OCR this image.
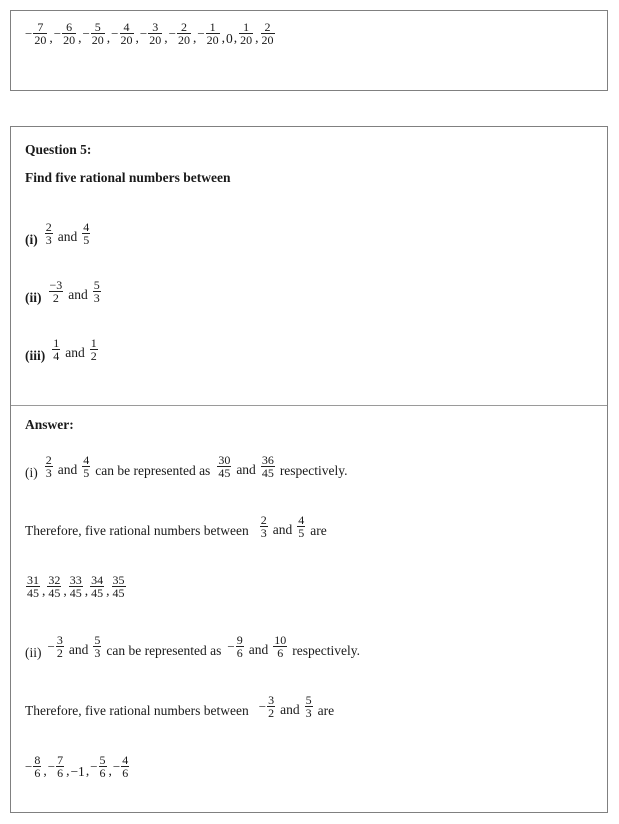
− $\frac{7}{20}$ ,− $\frac{6}{20}$ ,− $\frac{5}{20}$ ,− $\frac{4}{20}$ ,− $\frac{3}{20}$ ,− $\frac{2}{20}$ ,− $\frac{1}{20} ,0$, $\frac{1}{20}$ , $\frac{2}{20}$
Question 5:
Find five rational numbers between
$(i) \frac{2}{3}$ and $\frac{4}{5}$
$(ii) \frac{-3}{2}$ and $\frac{5}{3}$
$(iii) \frac{1}{4}$ and $\frac{1}{2}$
Answer:
$(i) \frac{2}{3}$ and $\frac{4}{5}$ can be represented as $\frac{30}{45}$ and $\frac{36}{45}$ respectively.
Therefore, five rational numbers between $\frac{2}{3}$ and $\frac{4}{5}$ are
$\frac{31}{45}$ , $\frac{32}{45}$ , $\frac{33}{45}$ , $\frac{34}{45}$ , $\frac{35}{45}$
$(ii) - \frac{3}{2}$ and $\frac{5}{3}$ can be represented as − $\frac{9}{6}$ and $\frac{10}{6}$ respectively.
Therefore, five rational numbers between − $\frac{3}{2}$ and $\frac{5}{3}$ are
− $\frac{8}{6}$ ,− $\frac{7}{6} ,-1,- \frac{5}{6}$ ,− $\frac{4}{6}$
